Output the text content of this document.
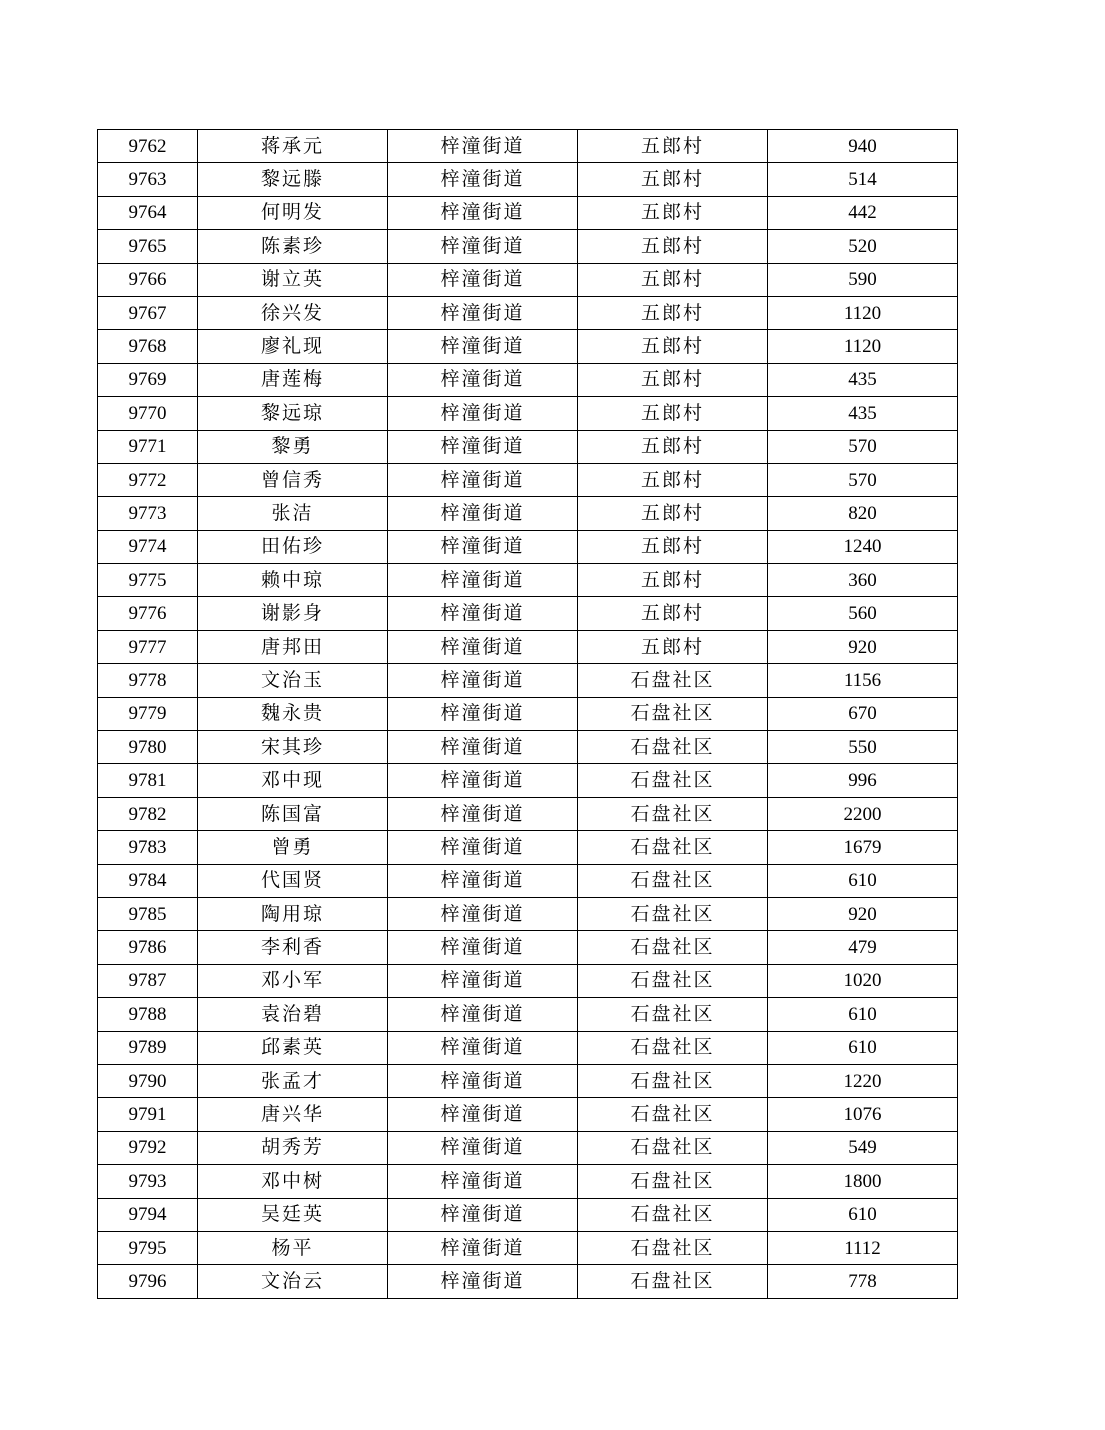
9762	蒋承元	梓潼街道	五郎村	940
9763	黎远滕	梓潼街道	五郎村	514
9764	何明发	梓潼街道	五郎村	442
9765	陈素珍	梓潼街道	五郎村	520
9766	谢立英	梓潼街道	五郎村	590
9767	徐兴发	梓潼街道	五郎村	1120
9768	廖礼现	梓潼街道	五郎村	1120
9769	唐莲梅	梓潼街道	五郎村	435
9770	黎远琼	梓潼街道	五郎村	435
9771	黎勇	梓潼街道	五郎村	570
9772	曾信秀	梓潼街道	五郎村	570
9773	张洁	梓潼街道	五郎村	820
9774	田佑珍	梓潼街道	五郎村	1240
9775	赖中琼	梓潼街道	五郎村	360
9776	谢影身	梓潼街道	五郎村	560
9777	唐邦田	梓潼街道	五郎村	920
9778	文治玉	梓潼街道	石盘社区	1156
9779	魏永贵	梓潼街道	石盘社区	670
9780	宋其珍	梓潼街道	石盘社区	550
9781	邓中现	梓潼街道	石盘社区	996
9782	陈国富	梓潼街道	石盘社区	2200
9783	曾勇	梓潼街道	石盘社区	1679
9784	代国贤	梓潼街道	石盘社区	610
9785	陶用琼	梓潼街道	石盘社区	920
9786	李利香	梓潼街道	石盘社区	479
9787	邓小军	梓潼街道	石盘社区	1020
9788	袁治碧	梓潼街道	石盘社区	610
9789	邱素英	梓潼街道	石盘社区	610
9790	张孟才	梓潼街道	石盘社区	1220
9791	唐兴华	梓潼街道	石盘社区	1076
9792	胡秀芳	梓潼街道	石盘社区	549
9793	邓中树	梓潼街道	石盘社区	1800
9794	吴廷英	梓潼街道	石盘社区	610
9795	杨平	梓潼街道	石盘社区	1112
9796	文治云	梓潼街道	石盘社区	778
